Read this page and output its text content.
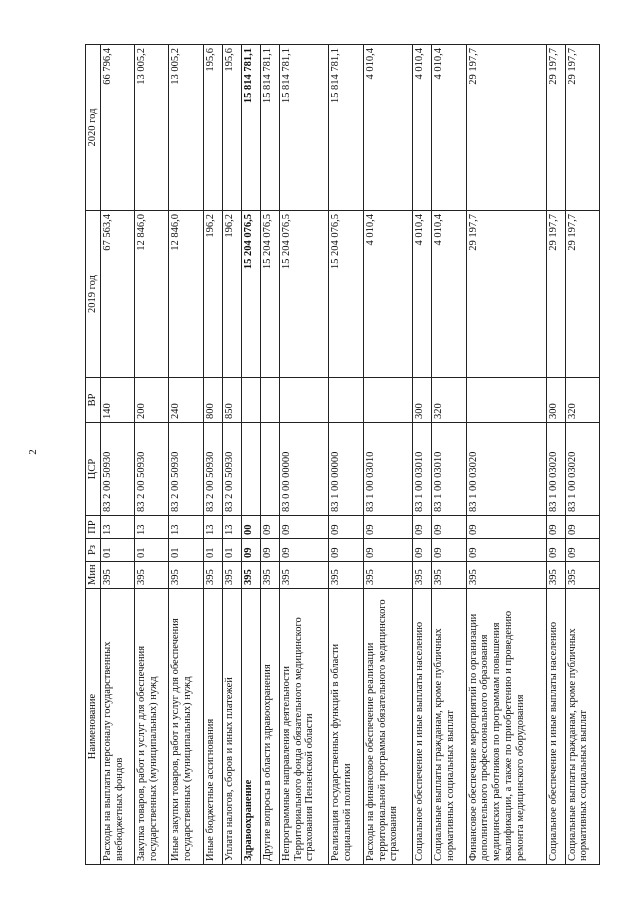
2
Наименование	Мин	Рз	ПР	ЦСР	ВР	2019 год	2020 год
Расходы на выплаты персоналу государственных внебюджетных фондов	395	01	13	83 2 00 50930	140	67 563,4	66 796,4
Закупка товаров, работ и услуг для обеспечения государственных (муниципальных) нужд	395	01	13	83 2 00 50930	200	12 846,0	13 005,2
Иные закупки товаров, работ и услуг для обеспечения государственных (муниципальных) нужд	395	01	13	83 2 00 50930	240	12 846,0	13 005,2
Иные бюджетные ассигнования	395	01	13	83 2 00 50930	800	196,2	195,6
Уплата налогов, сборов и иных платежей	395	01	13	83 2 00 50930	850	196,2	195,6
Здравоохранение	395	09	00			15 204 076,5	15 814 781,1
Другие вопросы в области здравоохранения	395	09	09			15 204 076,5	15 814 781,1
Непрограммные направления деятельности Территориального фонда обязательного медицинского страхования Пензенской области	395	09	09	83 0 00 00000		15 204 076,5	15 814 781,1
Реализация государственных функций в области социальной политики	395	09	09	83 1 00 00000		15 204 076,5	15 814 781,1
Расходы на финансовое обеспечение реализации территориальной программы обязательного медицинского страхования	395	09	09	83 1 00 03010		4 010,4	4 010,4
Социальное обеспечение и иные выплаты населению	395	09	09	83 1 00 03010	300	4 010,4	4 010,4
Социальные выплаты гражданам, кроме публичных нормативных социальных выплат	395	09	09	83 1 00 03010	320	4 010,4	4 010,4
Финансовое обеспечение мероприятий по организации дополнительного профессионального образования медицинских работников по программам повышения квалификации, а также по приобретению и проведению ремонта медицинского оборудования	395	09	09	83 1 00 03020		29 197,7	29 197,7
Социальное обеспечение и иные выплаты населению	395	09	09	83 1 00 03020	300	29 197,7	29 197,7
Социальные выплаты гражданам, кроме публичных нормативных социальных выплат	395	09	09	83 1 00 03020	320	29 197,7	29 197,7
